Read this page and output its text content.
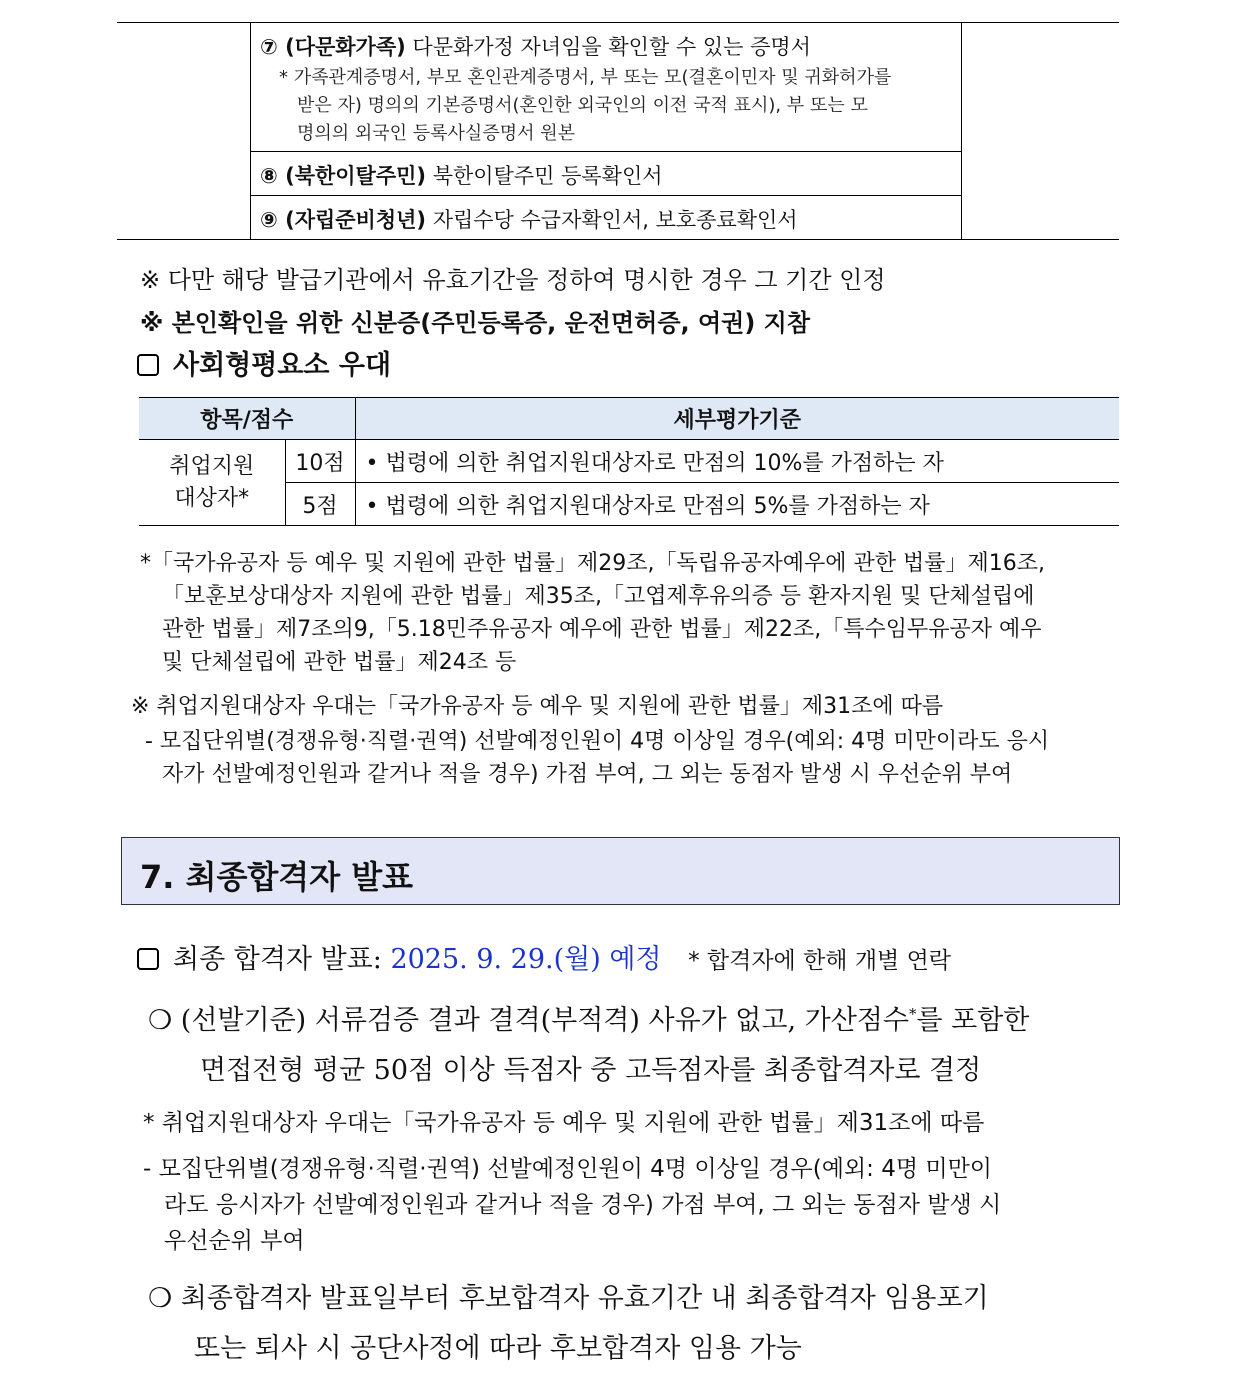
⑦ (다문화가족) 다문화가정 자녀임을 확인할 수 있는 증명서
* 가족관계증명서, 부모 혼인관계증명서, 부 또는 모(결혼이민자 및 귀화허가를
받은 자) 명의의 기본증명서(혼인한 외국인의 이전 국적 표시), 부 또는 모
명의의 외국인 등록사실증명서 원본
⑧ (북한이탈주민) 북한이탈주민 등록확인서
⑨ (자립준비청년) 자립수당 수급자확인서, 보호종료확인서
※ 다만 해당 발급기관에서 유효기간을 정하여 명시한 경우 그 기간 인정
※ 본인확인을 위한 신분증(주민등록증, 운전면허증, 여권) 지참
사회형평요소 우대
항목/점수		세부평가기준

취업지원
대상자*	10점	• 법령에 의한 취업지원대상자로 만점의 10%를 가점하는 자
	5점	• 법령에 의한 취업지원대상자로 만점의 5%를 가점하는 자
*「국가유공자 등 예우 및 지원에 관한 법률」제29조,「독립유공자예우에 관한 법률」제16조,
「보훈보상대상자 지원에 관한 법률」제35조,「고엽제후유의증 등 환자지원 및 단체설립에
관한 법률」제7조의9,「5.18민주유공자 예우에 관한 법률」제22조,「특수임무유공자 예우
및 단체설립에 관한 법률」제24조 등
※ 취업지원대상자 우대는「국가유공자 등 예우 및 지원에 관한 법률」제31조에 따름
- 모집단위별(경쟁유형·직렬·권역) 선발예정인원이 4명 이상일 경우(예외: 4명 미만이라도 응시
자가 선발예정인원과 같거나 적을 경우) 가점 부여, 그 외는 동점자 발생 시 우선순위 부여
7. 최종합격자 발표
최종 합격자 발표: 2025. 9. 29.(월) 예정 * 합격자에 한해 개별 연락
❍ (선발기준) 서류검증 결과 결격(부적격) 사유가 없고, 가산점수*를 포함한
면접전형 평균 50점 이상 득점자 중 고득점자를 최종합격자로 결정
* 취업지원대상자 우대는「국가유공자 등 예우 및 지원에 관한 법률」제31조에 따름
- 모집단위별(경쟁유형·직렬·권역) 선발예정인원이 4명 이상일 경우(예외: 4명 미만이
라도 응시자가 선발예정인원과 같거나 적을 경우) 가점 부여, 그 외는 동점자 발생 시
우선순위 부여
❍ 최종합격자 발표일부터 후보합격자 유효기간 내 최종합격자 임용포기
또는 퇴사 시 공단사정에 따라 후보합격자 임용 가능
